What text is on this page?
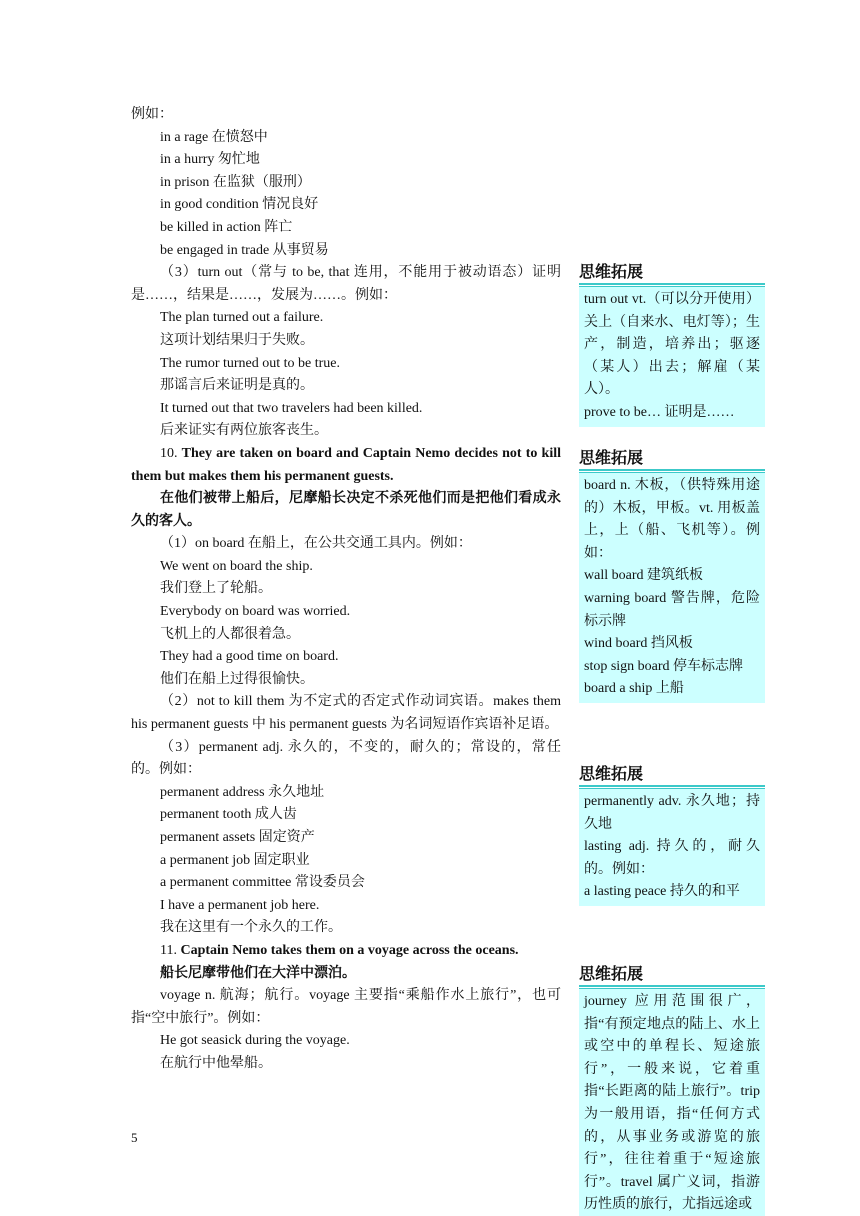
例如：
in a rage 在愤怒中
in a hurry 匆忙地
in prison 在监狱（服刑）
in good condition 情况良好
be killed in action 阵亡
be engaged in trade 从事贸易
（3）turn out（常与 to be, that 连用，不能用于被动语态）证明是……，结果是……，发展为……。例如：
The plan turned out a failure.
这项计划结果归于失败。
The rumor turned out to be true.
那谣言后来证明是真的。
It turned out that two travelers had been killed.
后来证实有两位旅客丧生。
10. They are taken on board and Captain Nemo decides not to kill them but makes them his permanent guests.
在他们被带上船后，尼摩船长决定不杀死他们而是把他们看成永久的客人。
（1）on board 在船上，在公共交通工具内。例如：
We went on board the ship.
我们登上了轮船。
Everybody on board was worried.
飞机上的人都很着急。
They had a good time on board.
他们在船上过得很愉快。
（2）not to kill them 为不定式的否定式作动词宾语。makes them his permanent guests 中 his permanent guests 为名词短语作宾语补足语。
（3）permanent adj. 永久的，不变的，耐久的；常设的，常任的。例如：
permanent address 永久地址
permanent tooth 成人齿
permanent assets 固定资产
a permanent job 固定职业
a permanent committee 常设委员会
I have a permanent job here.
我在这里有一个永久的工作。
11. Captain Nemo takes them on a voyage across the oceans.
船长尼摩带他们在大洋中漂泊。
voyage n. 航海；航行。voyage 主要指“乘船作水上旅行”，也可指“空中旅行”。例如：
He got seasick during the voyage.
在航行中他晕船。
5
思维拓展
turn out vt.（可以分开使用）关上（自来水、电灯等）；生产，制造，培养出；驱逐（某人）出去；解雇（某人）。
prove to be… 证明是……
思维拓展
board n. 木板，（供特殊用途的）木板，甲板。vt. 用板盖上，上（船、飞机等）。例如：
wall board 建筑纸板
warning board 警告牌，危险标示牌
wind board 挡风板
stop sign board 停车标志牌
board a ship 上船
思维拓展
permanently adv. 永久地；持久地
lasting adj. 持久的，耐久的。例如：
a lasting peace 持久的和平
思维拓展
journey 应用范围很广，指“有预定地点的陆上、水上或空中的单程长、短途旅行”，一般来说，它着重指“长距离的陆上旅行”。trip 为一般用语，指“任何方式的，从事业务或游览的旅行”，往往着重于“短途旅行”。travel 属广义词，指游历性质的旅行，尤指远途或
